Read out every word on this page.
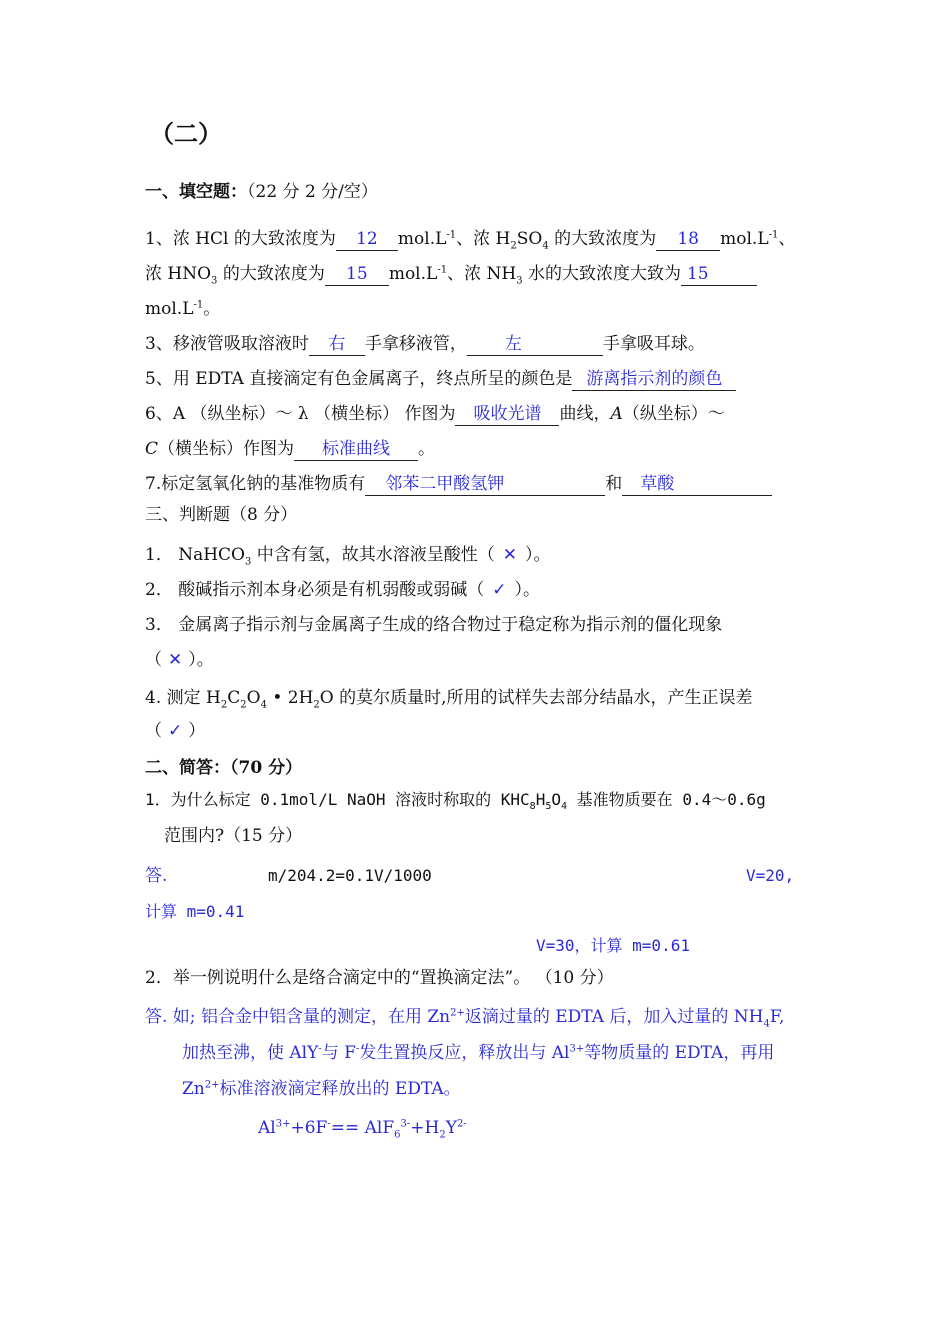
（二）
一、填空题：（22 分 2 分/空）
1、浓 HCl 的大致浓度为 12 $mol.L^{-1}$、浓 $H_2SO_4$ 的大致浓度为 18 $mol.L^{-1}$、
浓 $HNO_3$ 的大致浓度为 15 $mol.L^{-1}$、浓 $NH_3$ 水的大致浓度大致为 15
$mol.L^{-1}$。
3、移液管吸取溶液时 右 手拿移液管， 左	手拿吸耳球。
5、用 EDTA 直接滴定有色金属离子，终点所呈的颜色是 游离指示剂的颜色
6、A （纵坐标）～ λ （横坐标） 作图为 吸收光谱 曲线，A（纵坐标）～
C（横坐标）作图为 标准曲线 。
7.标定氢氧化钠的基准物质有 邻苯二甲酸氢钾	和 草酸
三、判断题（8 分）
1． NaHCO$_3$ 中含有氢，故其水溶液呈酸性（ ✕ ）。
2． 酸碱指示剂本身必须是有机弱酸或弱碱（ ✓ ）。
3． 金属离子指示剂与金属离子生成的络合物过于稳定称为指示剂的僵化现象
（ ✕ ）。
4. 测定 $H_2C_2O_4$ • $2H_2O$ 的莫尔质量时,所用的试样失去部分结晶水，产生正误差
（ ✓ ）
二、简答：（70 分）
1．为什么标定 0.1mol/L NaOH 溶液时称取的 $KHC_8H_5O_4$ 基准物质要在 0.4～0.6g
范围内?（15 分）
答.	m/204.2=0.1V/1000	V=20,
计算 m=0.41
V=30，计算 m=0.61
2．举一例说明什么是络合滴定中的“置换滴定法”。 （10 分）
答. 如; 铝合金中铝含量的测定，在用 $Zn^{2+}$返滴过量的 EDTA 后，加入过量的 $NH_4F$,
加热至沸，使 AlY-与 F-发生置换反应，释放出与 $Al^{3+}$等物质量的 EDTA，再用
$Zn^{2+}$标准溶液滴定释放出的 EDTA。
$Al^{3+}+6F^-== AlF_6^{3-}+H_2Y^{2-}$
